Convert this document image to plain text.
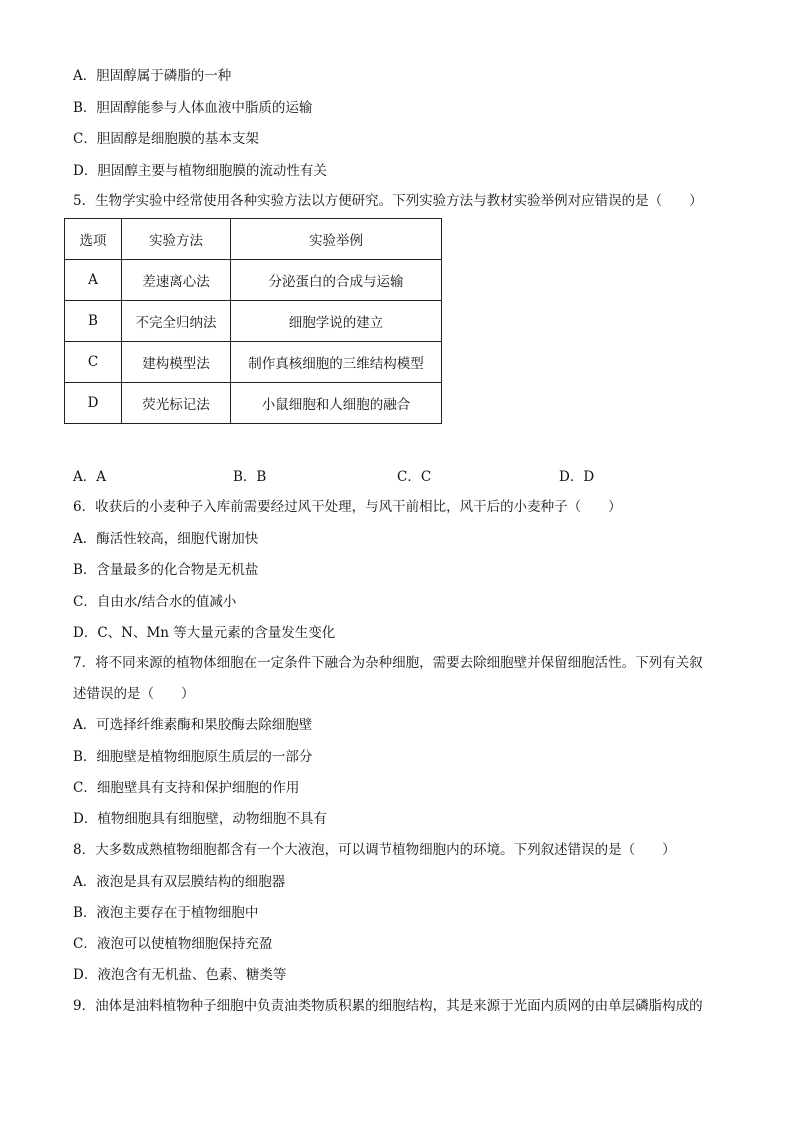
A．胆固醇属于磷脂的一种
B．胆固醇能参与人体血液中脂质的运输
C．胆固醇是细胞膜的基本支架
D．胆固醇主要与植物细胞膜的流动性有关
5．生物学实验中经常使用各种实验方法以方便研究。下列实验方法与教材实验举例对应错误的是（　　）
选项	实验方法	实验举例
A	差速离心法	分泌蛋白的合成与运输
B	不完全归纳法	细胞学说的建立
C	建构模型法	制作真核细胞的三维结构模型
D	荧光标记法	小鼠细胞和人细胞的融合
A．A	B．B	C．C	D．D
6．收获后的小麦种子入库前需要经过风干处理，与风干前相比，风干后的小麦种子（　　）
A．酶活性较高，细胞代谢加快
B．含量最多的化合物是无机盐
C．自由水/结合水的值减小
D．C、N、Mn 等大量元素的含量发生变化
7．将不同来源的植物体细胞在一定条件下融合为杂种细胞，需要去除细胞壁并保留细胞活性。下列有关叙
述错误的是（　　）
A．可选择纤维素酶和果胶酶去除细胞壁
B．细胞壁是植物细胞原生质层的一部分
C．细胞壁具有支持和保护细胞的作用
D．植物细胞具有细胞壁，动物细胞不具有
8．大多数成熟植物细胞都含有一个大液泡，可以调节植物细胞内的环境。下列叙述错误的是（　　）
A．液泡是具有双层膜结构的细胞器
B．液泡主要存在于植物细胞中
C．液泡可以使植物细胞保持充盈
D．液泡含有无机盐、色素、糖类等
9．油体是油料植物种子细胞中负责油类物质积累的细胞结构，其是来源于光面内质网的由单层磷脂构成的
